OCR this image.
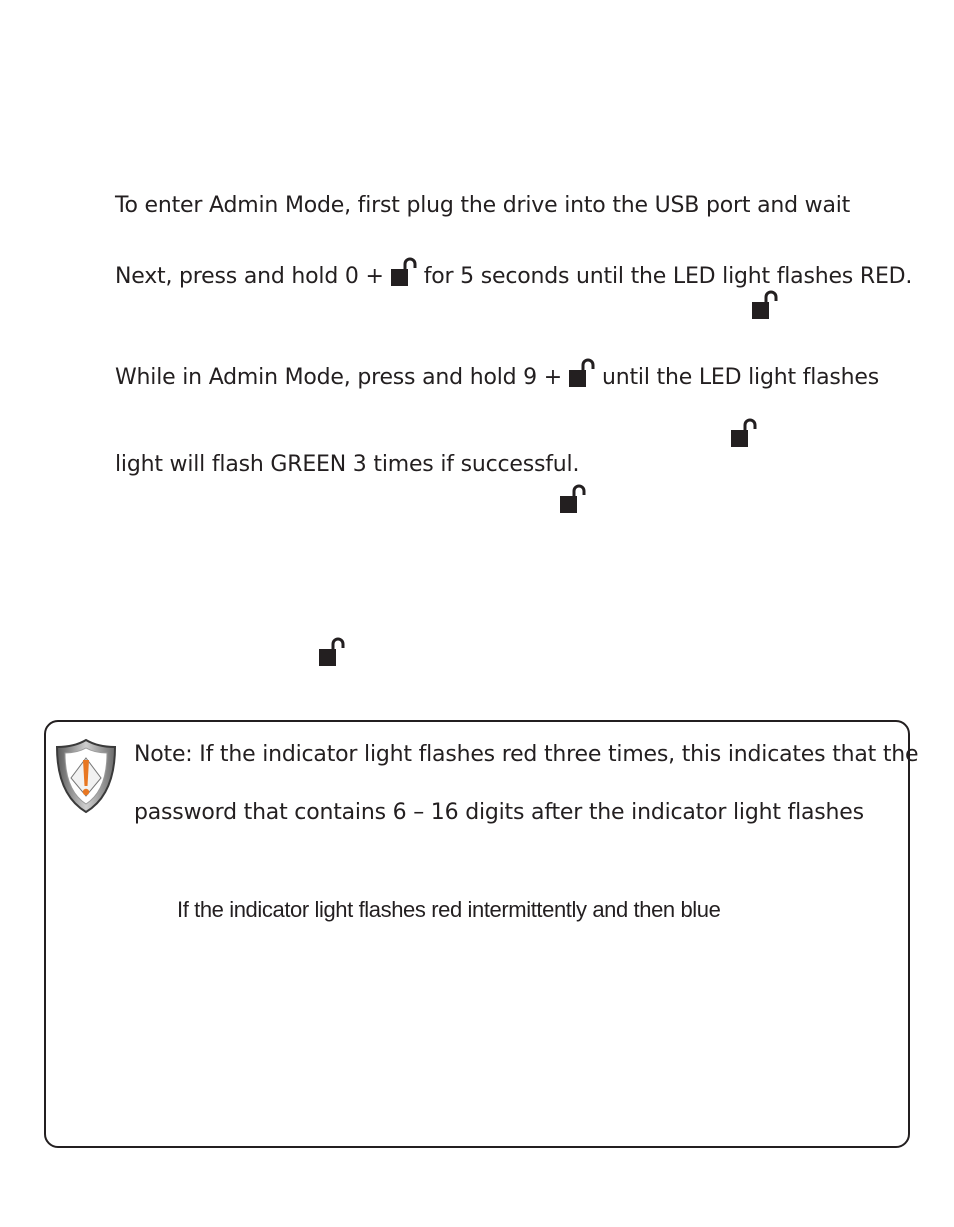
To enter Admin Mode, first plug the drive into the USB port and wait
Next, press and hold 0 + for 5 seconds until the LED light flashes RED.
While in Admin Mode, press and hold 9 + until the LED light flashes
light will flash GREEN 3 times if successful.
Note: If the indicator light flashes red three times, this indicates that the
password that contains 6 – 16 digits after the indicator light flashes
If the indicator light flashes red intermittently and then blue
